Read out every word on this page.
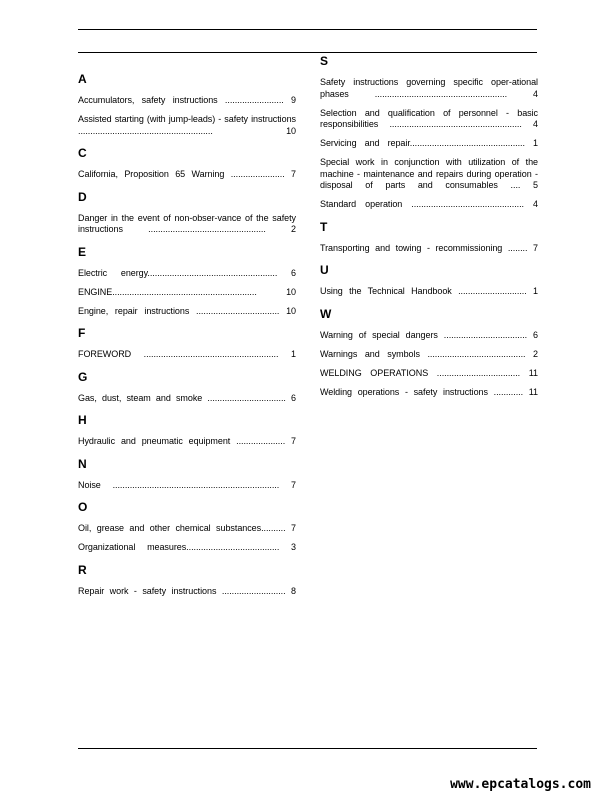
A
Accumulators, safety instructions ........................ 9
Assisted starting (with jump-leads) - safety instructions ....................................................... 10
C
California, Proposition 65 Warning ...................... 7
D
Danger in the event of non-obser-vance of the safety instructions ................................................ 2
E
Electric energy..................................................... 6
ENGINE........................................................... 10
Engine, repair instructions .................................. 10
F
FOREWORD ....................................................... 1
G
Gas, dust, steam and smoke ................................ 6
H
Hydraulic and pneumatic equipment .................... 7
N
Noise .................................................................... 7
O
Oil, grease and other chemical substances.......... 7
Organizational measures...................................... 3
R
Repair work - safety instructions .......................... 8
S
Safety instructions governing specific oper-ational phases ...................................................... 4
Selection and qualification of personnel - basic responsibilities ...................................................... 4
Servicing and repair............................................... 1
Special work in conjunction with utilization of the machine - maintenance and repairs during operation - disposal of parts and consumables .... 5
Standard operation .............................................. 4
T
Transporting and towing - recommissioning ........ 7
U
Using the Technical Handbook ............................ 1
W
Warning of special dangers .................................. 6
Warnings and symbols ........................................ 2
WELDING OPERATIONS .................................. 11
Welding operations - safety instructions ............ 11
www.epcatalogs.com
